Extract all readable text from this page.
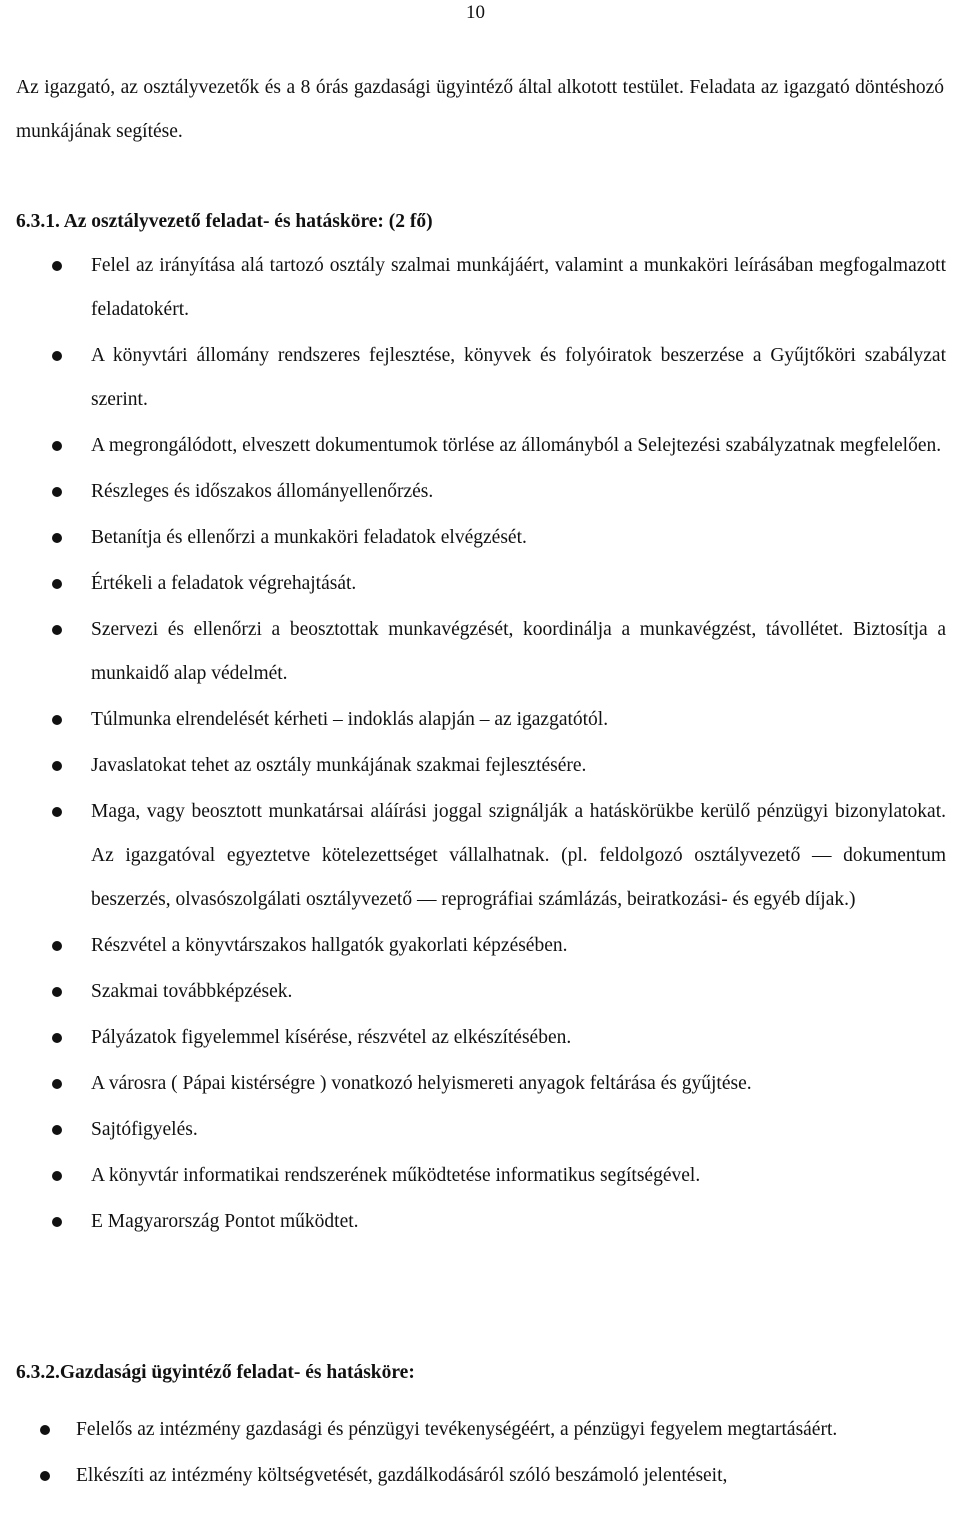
10

Az igazgató, az osztályvezetők és a 8 órás gazdasági ügyintéző által alkotott testület. Feladata az igazgató döntéshozó munkájának segítése.

6.3.1. Az osztályvezető feladat- és hatásköre: (2 fő)
Felel az irányítása alá tartozó osztály szalmai munkájáért, valamint a munkaköri leírásában megfogalmazott feladatokért.
A könyvtári állomány rendszeres fejlesztése, könyvek és folyóiratok beszerzése a Gyűjtőköri szabályzat szerint.
A megrongálódott, elveszett dokumentumok törlése az állományból a Selejtezési szabályzatnak megfelelően.
Részleges és időszakos állományellenőrzés.
Betanítja és ellenőrzi a munkaköri feladatok elvégzését.
Értékeli a feladatok végrehajtását.
Szervezi és ellenőrzi a beosztottak munkavégzését, koordinálja a munkavégzést, távollétet. Biztosítja a munkaidő alap védelmét.
Túlmunka elrendelését kérheti – indoklás alapján – az igazgatótól.
Javaslatokat tehet az osztály munkájának szakmai fejlesztésére.
Maga, vagy beosztott munkatársai aláírási joggal szignálják a hatáskörükbe kerülő pénzügyi bizonylatokat. Az igazgatóval egyeztetve kötelezettséget vállalhatnak. (pl. feldolgozó osztályvezető — dokumentum beszerzés, olvasószolgálati osztályvezető — reprográfiai számlázás, beiratkozási- és egyéb díjak.)
Részvétel a könyvtárszakos hallgatók gyakorlati képzésében.
Szakmai továbbképzések.
Pályázatok figyelemmel kísérése, részvétel az elkészítésében.
A városra ( Pápai kistérségre ) vonatkozó helyismereti anyagok feltárása és gyűjtése.
Sajtófigyelés.
A könyvtár informatikai rendszerének működtetése informatikus segítségével.
E Magyarország Pontot működtet.
6.3.2.Gazdasági ügyintéző feladat- és hatásköre:
Felelős az intézmény gazdasági és pénzügyi tevékenységéért, a pénzügyi fegyelem megtartásáért.
Elkészíti az intézmény költségvetését, gazdálkodásáról szóló beszámoló jelentéseit,
